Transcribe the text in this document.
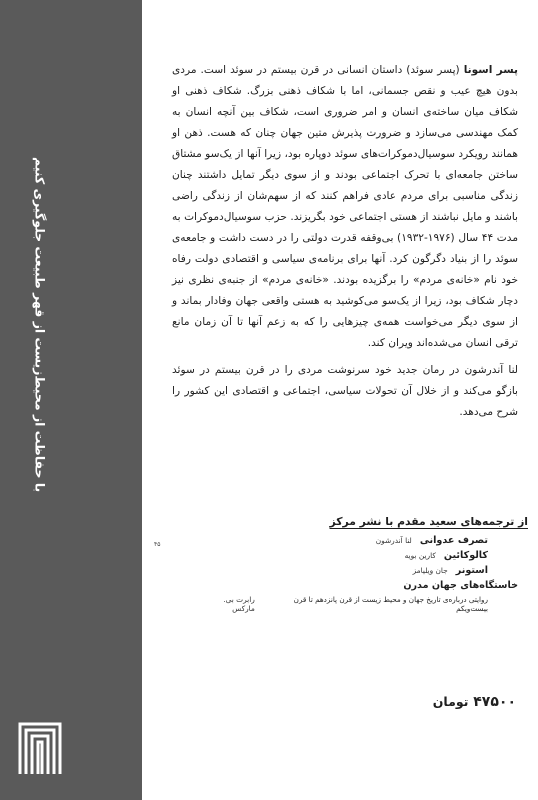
با حفاظت از محیط‌زیست از قهر طبیعت جلوگیری کنیم

پسر اسونا (پسر سوئد) داستان انسانی در قرن بیستم در سوئد است. مردی بدون هیچ عیب و نقص جسمانی، اما با شکاف ذهنی بزرگ. شکاف ذهنی او شکاف میان ساخته‌ی انسان و امر ضروری است، شکاف بین آنچه انسان به کمک مهندسی می‌سازد و ضرورت پذیرش متین جهان چنان که هست. ذهن او همانند رویکرد سوسیال‌دموکرات‌های سوئد دوپاره بود، زیرا آنها از یک‌سو مشتاق ساختن جامعه‌ای با تحرک اجتماعی بودند و از سوی دیگر تمایل داشتند چنان زندگی مناسبی برای مردم عادی فراهم کنند که از سهم‌شان از زندگی راضی باشند و مایل نباشند از هستی اجتماعی خود بگریزند. حزب سوسیال‌دموکرات به مدت ۴۴ سال (۱۹۷۶-۱۹۳۲) بی‌وقفه قدرت دولتی را در دست داشت و جامعه‌ی سوئد را از بنیاد دگرگون کرد. آنها برای برنامه‌ی سیاسی و اقتصادی دولت رفاه خود نام «خانه‌ی مردم» را برگزیده بودند. «خانه‌ی مردم» از جنبه‌ی نظری نیز دچار شکاف بود، زیرا از یک‌سو می‌کوشید به هستی واقعی جهان وفادار بماند و از سوی دیگر می‌خواست همه‌ی چیزهایی را که به زعم آنها تا آن زمان مانع ترقی انسان می‌شده‌اند ویران کند.

لنا آندرشون در رمان جدید خود سرنوشت مردی را در قرن بیستم در سوئد بازگو می‌کند و از خلال آن تحولات سیاسی، اجتماعی و اقتصادی این کشور را شرح می‌دهد.

۴۵

از ترجمه‌های سعید مقدم با نشر مرکز

تصرف عدوانی
لنا آندرشون
کالوکائین
کارین بویه
استونر
جان ویلیامز
خاستگاه‌های جهان مدرن
روایتی درباره‌ی تاریخ جهان و محیط زیست از قرن پانزدهم تا قرن بیست‌ویکم
رابرت بی. مارکس
۴۷۵۰۰ تومان
